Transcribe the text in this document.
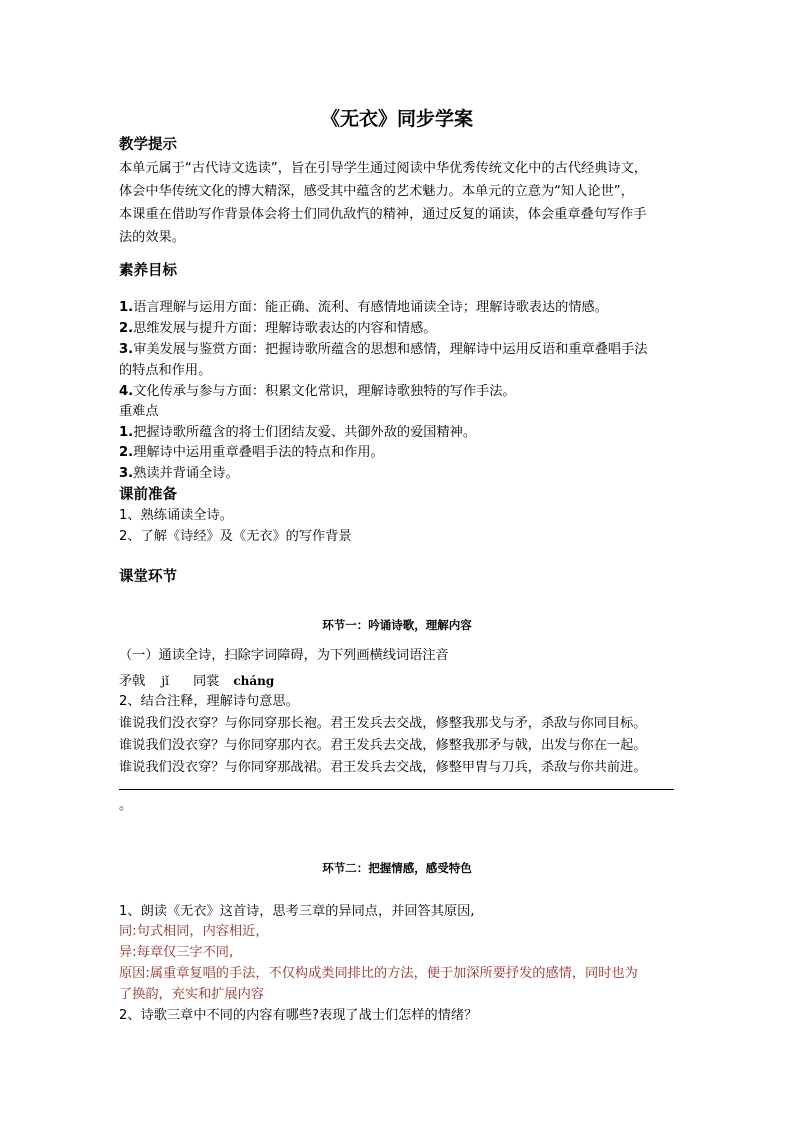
《无衣》同步学案
教学提示
本单元属于“古代诗文选读”，旨在引导学生通过阅读中华优秀传统文化中的古代经典诗文，
体会中华传统文化的博大精深，感受其中蕴含的艺术魅力。本单元的立意为“知人论世”，
本课重在借助写作背景体会将士们同仇敌忾的精神，通过反复的诵读，体会重章叠句写作手
法的效果。
素养目标
1.语言理解与运用方面：能正确、流利、有感情地诵读全诗；理解诗歌表达的情感。
2.思维发展与提升方面：理解诗歌表达的内容和情感。
3.审美发展与鉴赏方面：把握诗歌所蕴含的思想和感情，理解诗中运用反语和重章叠唱手法
的特点和作用。
4.文化传承与参与方面：积累文化常识，理解诗歌独特的写作手法。
重难点
1.把握诗歌所蕴含的将士们团结友爱、共御外敌的爱国精神。
2.理解诗中运用重章叠唱手法的特点和作用。
3.熟读并背诵全诗。
课前准备
1、熟练诵读全诗。
2、了解《诗经》及《无衣》的写作背景
课堂环节
环节一：吟诵诗歌，理解内容
（一）通读全诗，扫除字词障碍，为下列画横线词语注音
矛戟 jǐ 同裳 cháng
2、结合注释，理解诗句意思。
谁说我们没衣穿？与你同穿那长袍。君王发兵去交战，修整我那戈与矛，杀敌与你同目标。
谁说我们没衣穿？与你同穿那内衣。君王发兵去交战，修整我那矛与戟，出发与你在一起。
谁说我们没衣穿？与你同穿那战裙。君王发兵去交战，修整甲胄与刀兵，杀敌与你共前进。
。
环节二：把握情感，感受特色
1、朗读《无衣》这首诗，思考三章的异同点，并回答其原因,
同:句式相同，内容相近，
异:每章仅三字不同,
原因:属重章复唱的手法，不仅构成类同排比的方法，便于加深所要抒发的感情，同时也为
了换韵，充实和扩展内容
2、诗歌三章中不同的内容有哪些?表现了战士们怎样的情绪？
